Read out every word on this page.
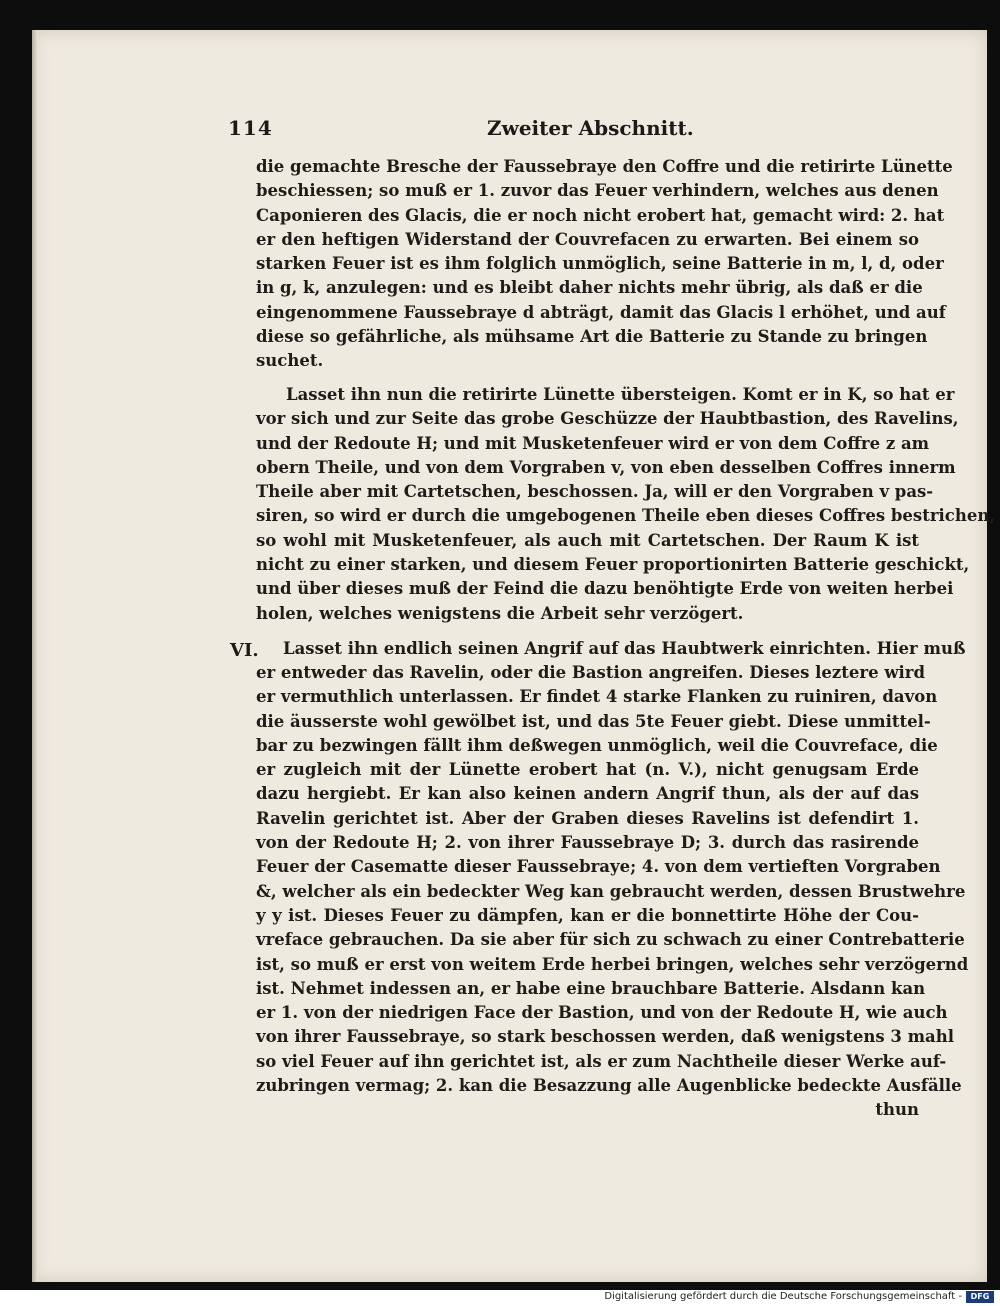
114	Zweiter Abschnitt.
die gemachte Bresche der Faussebraye den Coffre und die retirirte Lünette
beschiessen; so muß er 1. zuvor das Feuer verhindern, welches aus denen
Caponieren des Glacis, die er noch nicht erobert hat, gemacht wird: 2. hat
er den heftigen Widerstand der Couvrefacen zu erwarten. Bei einem so
starken Feuer ist es ihm folglich unmöglich, seine Batterie in m, l, d, oder
in g, k, anzulegen: und es bleibt daher nichts mehr übrig, als daß er die
eingenommene Faussebraye d abträgt, damit das Glacis l erhöhet, und auf
diese so gefährliche, als mühsame Art die Batterie zu Stande zu bringen
suchet.
Lasset ihn nun die retirirte Lünette übersteigen. Komt er in K, so hat er
vor sich und zur Seite das grobe Geschüzze der Haubtbastion, des Ravelins,
und der Redoute H; und mit Musketenfeuer wird er von dem Coffre z am
obern Theile, und von dem Vorgraben v, von eben desselben Coffres innerm
Theile aber mit Cartetschen, beschossen. Ja, will er den Vorgraben v pas-
siren, so wird er durch die umgebogenen Theile eben dieses Coffres bestrichen,
so wohl mit Musketenfeuer, als auch mit Cartetschen. Der Raum K ist
nicht zu einer starken, und diesem Feuer proportionirten Batterie geschickt,
und über dieses muß der Feind die dazu benöhtigte Erde von weiten herbei
holen, welches wenigstens die Arbeit sehr verzögert.
VI. Lasset ihn endlich seinen Angrif auf das Haubtwerk einrichten. Hier muß
er entweder das Ravelin, oder die Bastion angreifen. Dieses leztere wird
er vermuthlich unterlassen. Er findet 4 starke Flanken zu ruiniren, davon
die äusserste wohl gewölbet ist, und das 5te Feuer giebt. Diese unmittel-
bar zu bezwingen fällt ihm deßwegen unmöglich, weil die Couvreface, die
er zugleich mit der Lünette erobert hat (n. V.), nicht genugsam Erde
dazu hergiebt. Er kan also keinen andern Angrif thun, als der auf das
Ravelin gerichtet ist. Aber der Graben dieses Ravelins ist defendirt 1.
von der Redoute H; 2. von ihrer Faussebraye D; 3. durch das rasirende
Feuer der Casematte dieser Faussebraye; 4. von dem vertieften Vorgraben
&, welcher als ein bedeckter Weg kan gebraucht werden, dessen Brustwehre
y y ist. Dieses Feuer zu dämpfen, kan er die bonnettirte Höhe der Cou-
vreface gebrauchen. Da sie aber für sich zu schwach zu einer Contrebatterie
ist, so muß er erst von weitem Erde herbei bringen, welches sehr verzögernd
ist. Nehmet indessen an, er habe eine brauchbare Batterie. Alsdann kan
er 1. von der niedrigen Face der Bastion, und von der Redoute H, wie auch
von ihrer Faussebraye, so stark beschossen werden, daß wenigstens 3 mahl
so viel Feuer auf ihn gerichtet ist, als er zum Nachtheile dieser Werke auf-
zubringen vermag; 2. kan die Besazzung alle Augenblicke bedeckte Ausfälle
thun
Digitalisierung gefördert durch die Deutsche Forschungsgemeinschaft -	DFG
